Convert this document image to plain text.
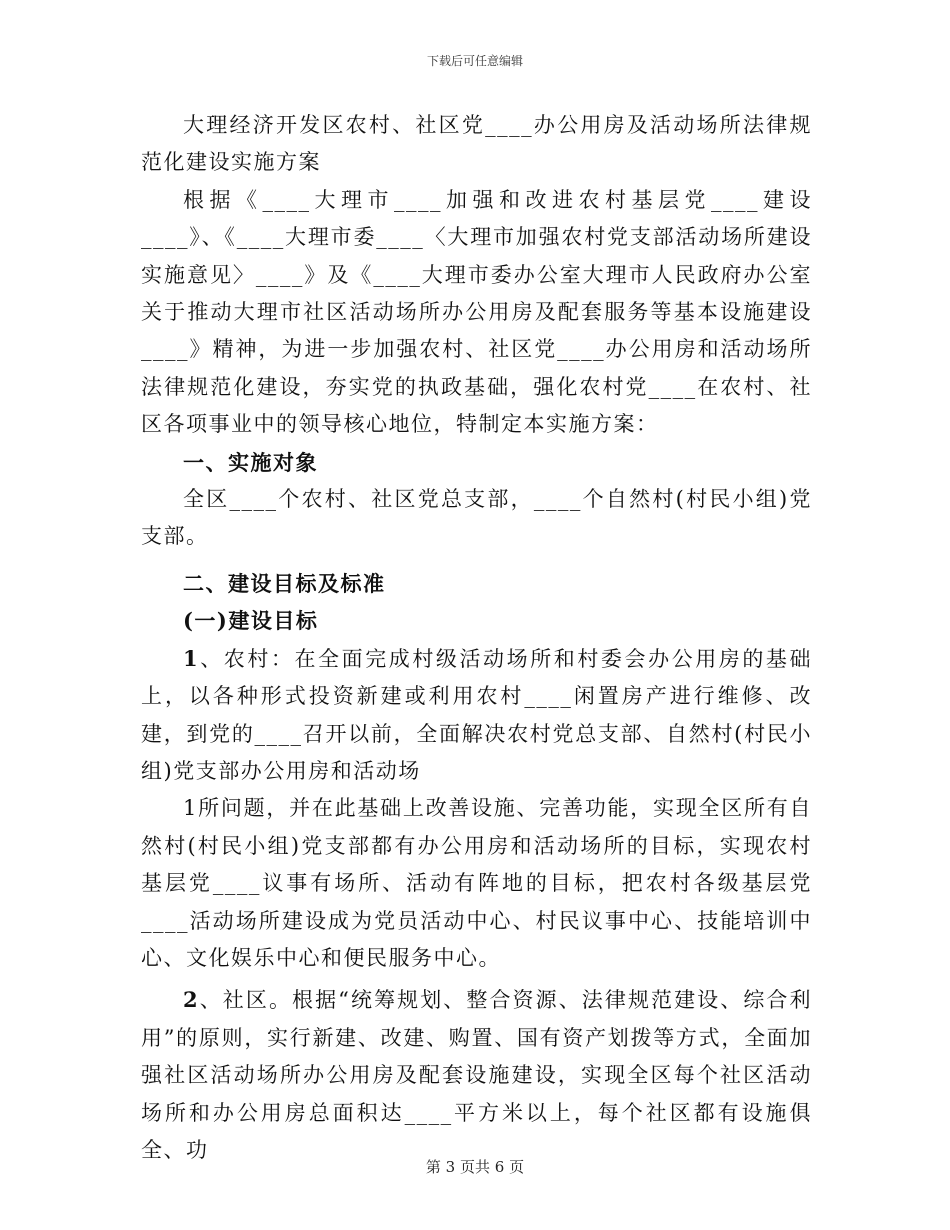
下载后可任意编辑

大理经济开发区农村、社区党____办公用房及活动场所法律规范化建设实施方案

根据《____大理市____加强和改进农村基层党____建设____》、《____大理市委____〈大理市加强农村党支部活动场所建设实施意见〉____》及《____大理市委办公室大理市人民政府办公室关于推动大理市社区活动场所办公用房及配套服务等基本设施建设____》精神，为进一步加强农村、社区党____办公用房和活动场所法律规范化建设，夯实党的执政基础，强化农村党____在农村、社区各项事业中的领导核心地位，特制定本实施方案：

一、实施对象

全区____个农村、社区党总支部，____个自然村(村民小组)党支部。

二、建设目标及标准

(一)建设目标

1、农村：在全面完成村级活动场所和村委会办公用房的基础上，以各种形式投资新建或利用农村____闲置房产进行维修、改建，到党的____召开以前，全面解决农村党总支部、自然村(村民小组)党支部办公用房和活动场

1所问题，并在此基础上改善设施、完善功能，实现全区所有自然村(村民小组)党支部都有办公用房和活动场所的目标，实现农村基层党____议事有场所、活动有阵地的目标，把农村各级基层党____活动场所建设成为党员活动中心、村民议事中心、技能培训中心、文化娱乐中心和便民服务中心。

2、社区。根据“统筹规划、整合资源、法律规范建设、综合利用”的原则，实行新建、改建、购置、国有资产划拨等方式，全面加强社区活动场所办公用房及配套设施建设，实现全区每个社区活动场所和办公用房总面积达____平方米以上，每个社区都有设施俱全、功

第 3 页共 6 页
